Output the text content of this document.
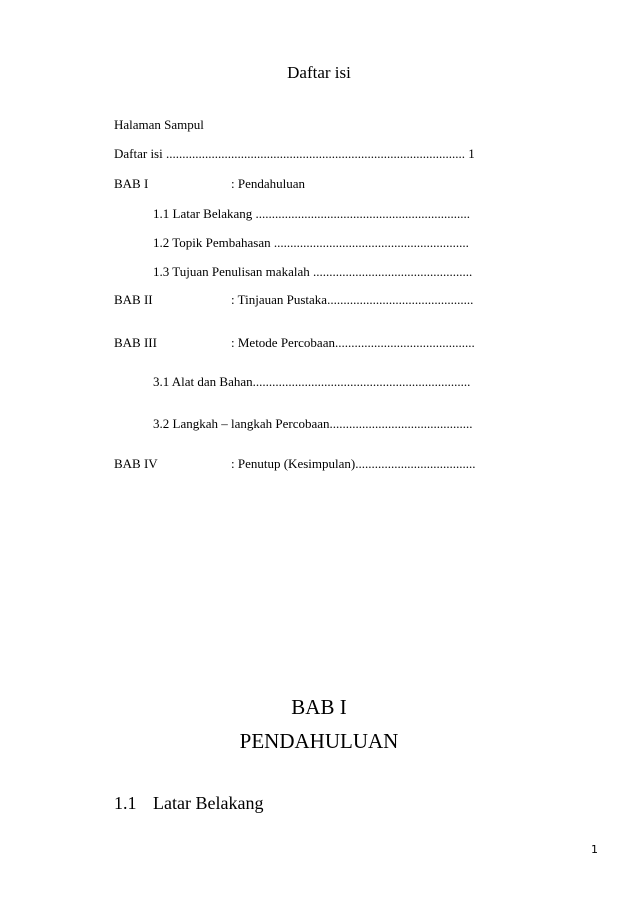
Daftar isi

Halaman Sampul

Daftar isi ............................................................................................ 1

BAB I	: Pendahuluan

1.1 Latar Belakang ..................................................................

1.2 Topik Pembahasan ............................................................

1.3 Tujuan Penulisan makalah .................................................

BAB II	: Tinjauan Pustaka.............................................

BAB III	: Metode Percobaan...........................................

3.1 Alat dan Bahan...................................................................

3.2 Langkah – langkah Percobaan............................................

BAB IV	: Penutup (Kesimpulan).....................................

BAB I

PENDAHULUAN

1.1 Latar Belakang

1
